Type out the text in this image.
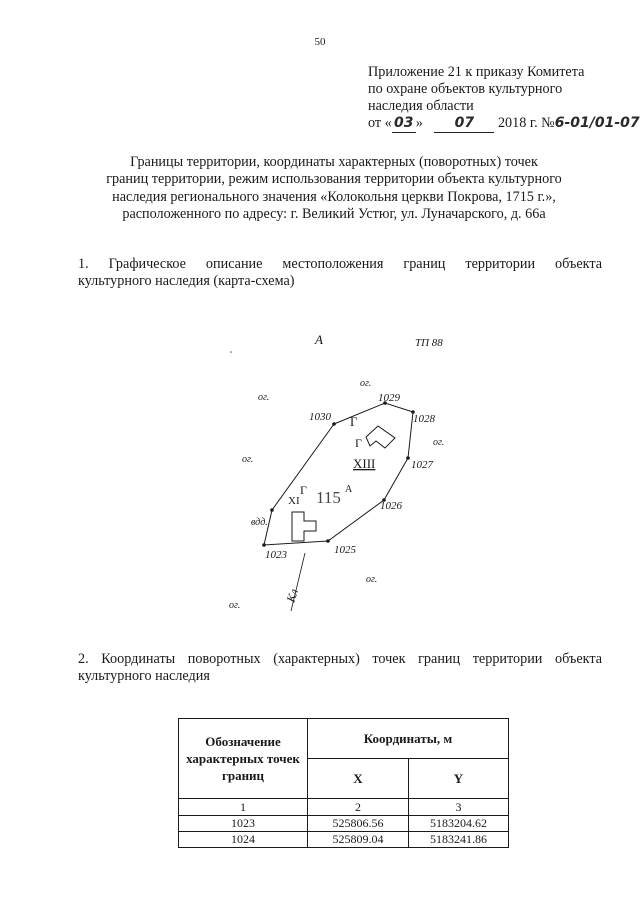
50
Приложение 21 к приказу Комитета
по охране объектов культурного
наследия области
от « 03 » 07 2018 г. №6-01/01-07
Границы территории, координаты характерных (поворотных) точек
границ территории, режим использования территории объекта культурного
наследия регионального значения «Колокольня церкви Покрова, 1715 г.»,
расположенного по адресу: г. Великий Устюг, ул. Луначарского, д. 66а
1. Графическое описание местоположения границ территории объекта
культурного наследия (карта-схема)
А	ТП 88
ог.
ог.
ог.
ог.
ог.
ог.
вдд.
Кл
Г
Г
Г
XIII
XI 115 А
1029
1028
1027
1026
1025
1023
1030
2. Координаты поворотных (характерных) точек границ территории объекта
культурного наследия
Обозначение характерных точек границ	Координаты, м	
	X	Y
1	2	3
1023	525806.56	5183204.62
1024	525809.04	5183241.86
